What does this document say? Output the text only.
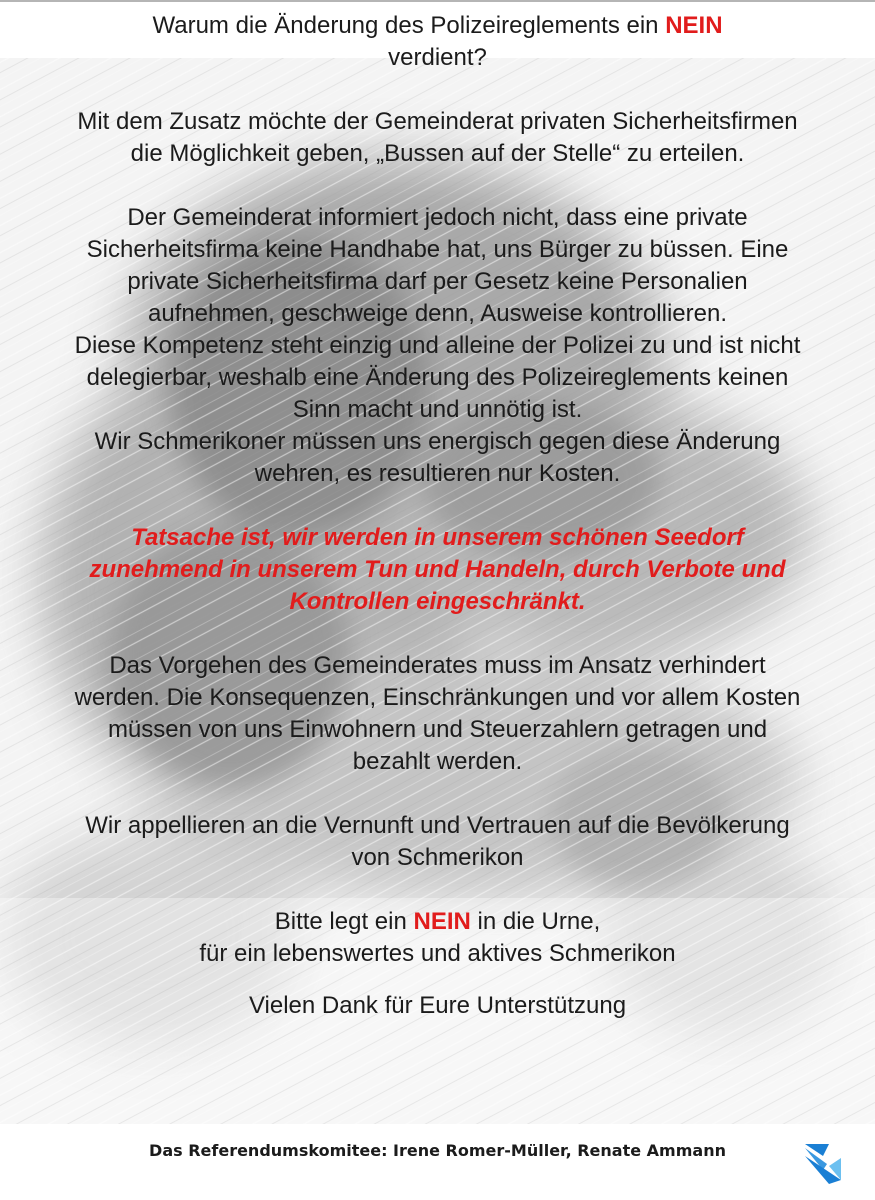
Warum die Änderung des Polizeireglements ein NEIN
verdient?

Mit dem Zusatz möchte der Gemeinderat privaten Sicherheitsfirmen die Möglichkeit geben, „Bussen auf der Stelle“ zu erteilen.

Der Gemeinderat informiert jedoch nicht, dass eine private Sicherheitsfirma keine Handhabe hat, uns Bürger zu büssen. Eine private Sicherheitsfirma darf per Gesetz keine Personalien aufnehmen, geschweige denn, Ausweise kontrollieren.

Diese Kompetenz steht einzig und alleine der Polizei zu und ist nicht delegierbar, weshalb eine Änderung des Polizeireglements keinen Sinn macht und unnötig ist.

Wir Schmerikoner müssen uns energisch gegen diese Änderung wehren, es resultieren nur Kosten.

Tatsache ist, wir werden in unserem schönen Seedorf zunehmend in unserem Tun und Handeln, durch Verbote und Kontrollen eingeschränkt.

Das Vorgehen des Gemeinderates muss im Ansatz verhindert werden. Die Konsequenzen, Einschränkungen und vor allem Kosten müssen von uns Einwohnern und Steuerzahlern getragen und bezahlt werden.

Wir appellieren an die Vernunft und Vertrauen auf die Bevölkerung von Schmerikon

Bitte legt ein NEIN in die Urne,
für ein lebenswertes und aktives Schmerikon

Vielen Dank für Eure Unterstützung

Das Referendumskomitee: Irene Romer-Müller, Renate Ammann
